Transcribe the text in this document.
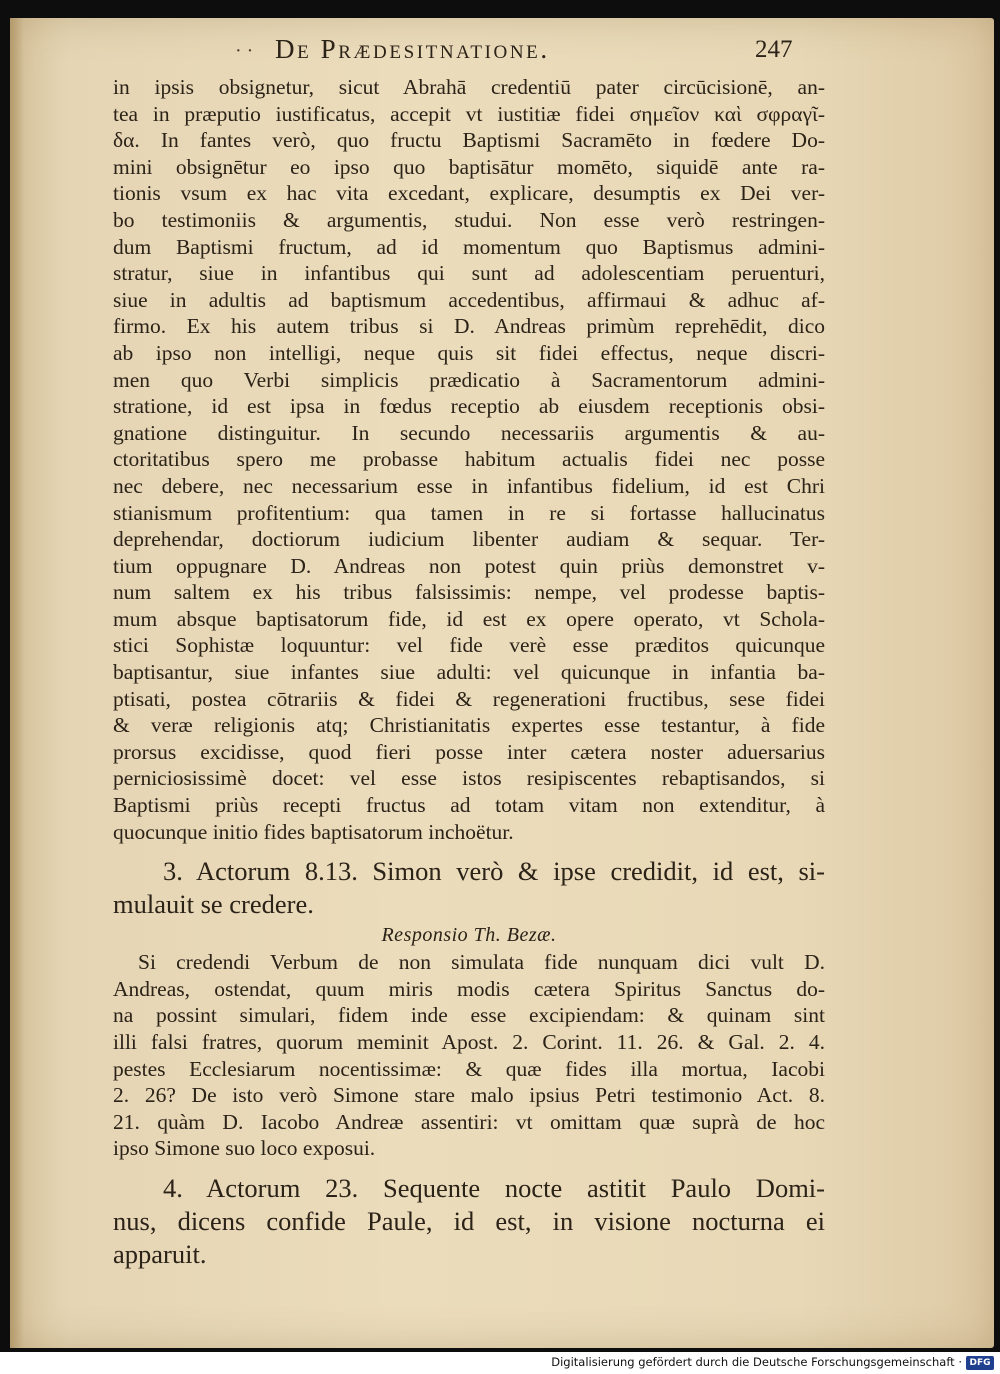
· · De Prædesitnatione.	247
in ipsis obsignetur, sicut Abrahā credentiū pater circūcisionē, an-
tea in præputio iustificatus, accepit vt iustitiæ fidei σημεῖον καὶ σφραγῖ-
δα. In fantes verò, quo fructu Baptismi Sacramēto in fœdere Do-
mini obsignētur eo ipso quo baptisātur momēto, siquidē ante ra-
tionis vsum ex hac vita excedant, explicare, desumptis ex Dei ver-
bo testimoniis & argumentis, studui. Non esse verò restringen-
dum Baptismi fructum, ad id momentum quo Baptismus admini-
stratur, siue in infantibus qui sunt ad adolescentiam peruenturi,
siue in adultis ad baptismum accedentibus, affirmaui & adhuc af-
firmo. Ex his autem tribus si D. Andreas primùm reprehēdit, dico
ab ipso non intelligi, neque quis sit fidei effectus, neque discri-
men quo Verbi simplicis prædicatio à Sacramentorum admini-
stratione, id est ipsa in fœdus receptio ab eiusdem receptionis obsi-
gnatione distinguitur. In secundo necessariis argumentis & au-
ctoritatibus spero me probasse habitum actualis fidei nec posse
nec debere, nec necessarium esse in infantibus fidelium, id est Chri
stianismum profitentium: qua tamen in re si fortasse hallucinatus
deprehendar, doctiorum iudicium libenter audiam & sequar. Ter-
tium oppugnare D. Andreas non potest quin priùs demonstret v-
num saltem ex his tribus falsissimis: nempe, vel prodesse baptis-
mum absque baptisatorum fide, id est ex opere operato, vt Schola-
stici Sophistæ loquuntur: vel fide verè esse præditos quicunque
baptisantur, siue infantes siue adulti: vel quicunque in infantia ba-
ptisati, postea cōtrariis & fidei & regenerationi fructibus, sese fidei
& veræ religionis atq; Christianitatis expertes esse testantur, à fide
prorsus excidisse, quod fieri posse inter cætera noster aduersarius
perniciosissimè docet: vel esse istos resipiscentes rebaptisandos, si
Baptismi priùs recepti fructus ad totam vitam non extenditur, à
quocunque initio fides baptisatorum inchoëtur.
3. Actorum 8.13. Simon verò & ipse credidit, id est, si-
mulauit se credere.
Responsio Th. Bezæ.
Si credendi Verbum de non simulata fide nunquam dici vult D.
Andreas, ostendat, quum miris modis cætera Spiritus Sanctus do-
na possint simulari, fidem inde esse excipiendam: & quinam sint
illi falsi fratres, quorum meminit Apost. 2. Corint. 11. 26. & Gal. 2. 4.
pestes Ecclesiarum nocentissimæ: & quæ fides illa mortua, Iacobi
2. 26? De isto verò Simone stare malo ipsius Petri testimonio Act. 8.
21. quàm D. Iacobo Andreæ assentiri: vt omittam quæ suprà de hoc
ipso Simone suo loco exposui.
4. Actorum 23. Sequente nocte astitit Paulo Domi-
nus, dicens confide Paule, id est, in visione nocturna ei
apparuit.
Digitalisierung gefördert durch die Deutsche Forschungsgemeinschaft · DFG
